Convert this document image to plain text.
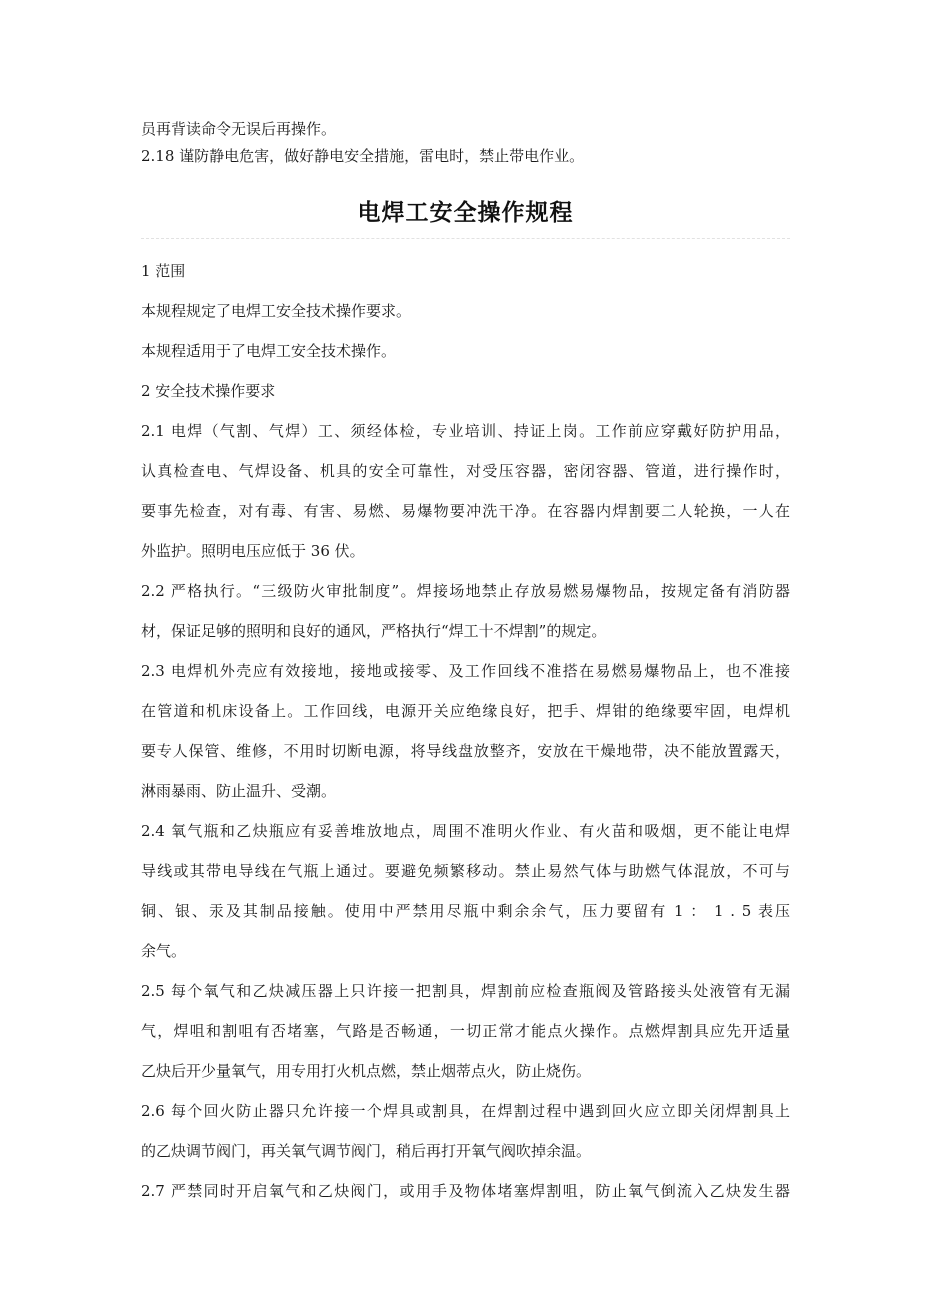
员再背读命令无误后再操作。
2.18 谨防静电危害，做好静电安全措施，雷电时，禁止带电作业。
电焊工安全操作规程

1 范围

本规程规定了电焊工安全技术操作要求。

本规程适用于了电焊工安全技术操作。

2 安全技术操作要求

2.1 电焊（气割、气焊）工、须经体检，专业培训、持证上岗。工作前应穿戴好防护用品，
认真检查电、气焊设备、机具的安全可靠性，对受压容器，密闭容器、管道，进行操作时，
要事先检查，对有毒、有害、易燃、易爆物要冲洗干净。在容器内焊割要二人轮换，一人在
外监护。照明电压应低于 36 伏。

2.2 严格执行。“三级防火审批制度”。焊接场地禁止存放易燃易爆物品，按规定备有消防器
材，保证足够的照明和良好的通风，严格执行“焊工十不焊割”的规定。

2.3 电焊机外壳应有效接地，接地或接零、及工作回线不准搭在易燃易爆物品上，也不准接
在管道和机床设备上。工作回线，电源开关应绝缘良好，把手、焊钳的绝缘要牢固，电焊机
要专人保管、维修，不用时切断电源，将导线盘放整齐，安放在干燥地带，决不能放置露天，
淋雨暴雨、防止温升、受潮。

2.4 氧气瓶和乙炔瓶应有妥善堆放地点，周围不准明火作业、有火苗和吸烟，更不能让电焊
导线或其带电导线在气瓶上通过。要避免频繁移动。禁止易然气体与助燃气体混放，不可与
铜、银、汞及其制品接触。使用中严禁用尽瓶中剩余余气，压力要留有 1 ： 1 . 5 表压
余气。

2.5 每个氧气和乙炔减压器上只许接一把割具，焊割前应检查瓶阀及管路接头处液管有无漏
气，焊咀和割咀有否堵塞，气路是否畅通，一切正常才能点火操作。点燃焊割具应先开适量
乙炔后开少量氧气，用专用打火机点燃，禁止烟蒂点火，防止烧伤。

2.6 每个回火防止器只允许接一个焊具或割具，在焊割过程中遇到回火应立即关闭焊割具上
的乙炔调节阀门，再关氧气调节阀门，稍后再打开氧气阀吹掉余温。

2.7 严禁同时开启氧气和乙炔阀门，或用手及物体堵塞焊割咀，防止氧气倒流入乙炔发生器
